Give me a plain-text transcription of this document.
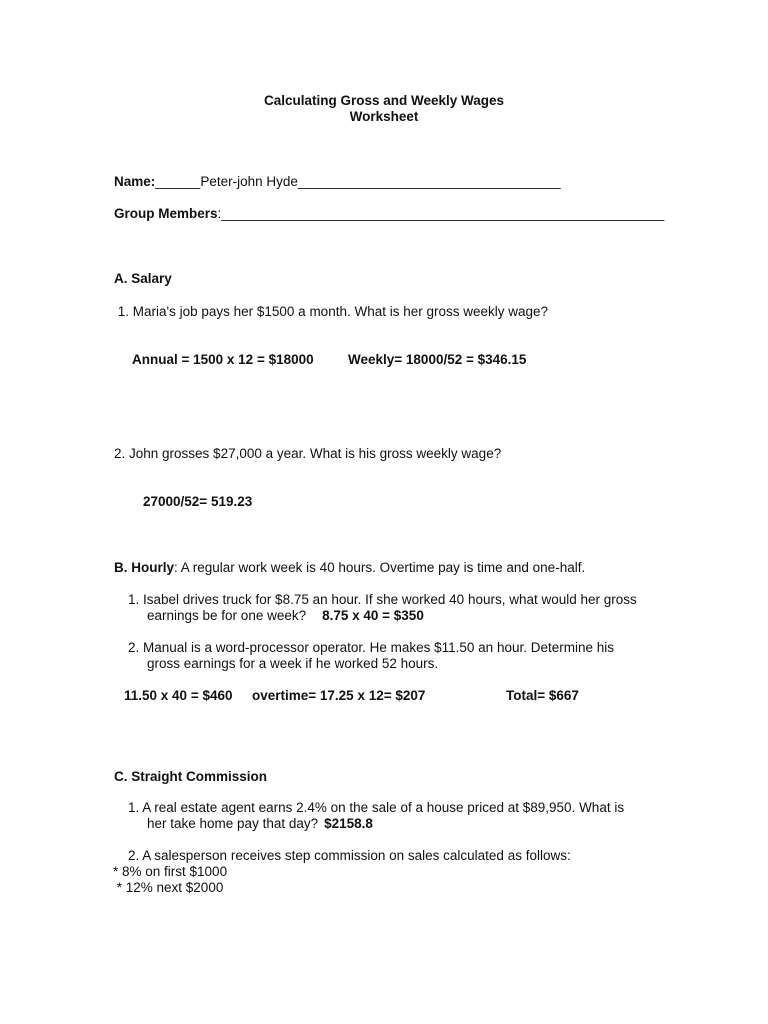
Calculating Gross and Weekly Wages
Worksheet
Name:______Peter-john Hyde___________________________________
Group Members:___________________________________________________________
A. Salary
1. Maria's job pays her $1500 a month. What is her gross weekly wage?
Annual = 1500 x 12 = $18000	Weekly= 18000/52 = $346.15
2. John grosses $27,000 a year. What is his gross weekly wage?
27000/52= 519.23
B. Hourly: A regular work week is 40 hours. Overtime pay is time and one-half.
1. Isabel drives truck for $8.75 an hour. If she worked 40 hours, what would her gross
earnings be for one week? 8.75 x 40 = $350
2. Manual is a word-processor operator. He makes $11.50 an hour. Determine his
gross earnings for a week if he worked 52 hours.
11.50 x 40 = $460 overtime= 17.25 x 12= $207	Total= $667
C. Straight Commission
1. A real estate agent earns 2.4% on the sale of a house priced at $89,950. What is
her take home pay that day? $2158.8
2. A salesperson receives step commission on sales calculated as follows:
* 8% on first $1000
* 12% next $2000
